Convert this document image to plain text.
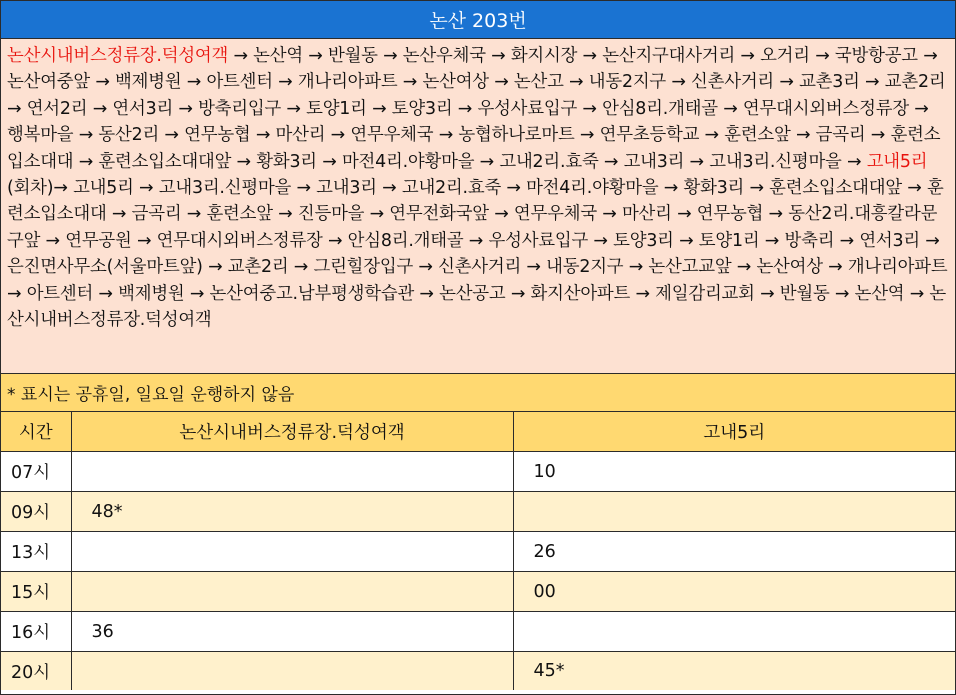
논산 203번
논산시내버스정류장.덕성여객 → 논산역 → 반월동 → 논산우체국 → 화지시장 → 논산지구대사거리 → 오거리 → 국방항공고 → 논산여중앞 → 백제병원 → 아트센터 → 개나리아파트 → 논산여상 → 논산고 → 내동2지구 → 신촌사거리 → 교촌3리 → 교촌2리 → 연서2리 → 연서3리 → 방축리입구 → 토양1리 → 토양3리 → 우성사료입구 → 안심8리.개태골 → 연무대시외버스정류장 → 행복마을 → 동산2리 → 연무농협 → 마산리 → 연무우체국 → 농협하나로마트 → 연무초등학교 → 훈련소앞 → 금곡리 → 훈련소입소대대 → 훈련소입소대대앞 → 황화3리 → 마전4리.야황마을 → 고내2리.효죽 → 고내3리 → 고내3리.신평마을 → 고내5리(회차)→ 고내5리 → 고내3리.신평마을 → 고내3리 → 고내2리.효죽 → 마전4리.야황마을 → 황화3리 → 훈련소입소대대앞 → 훈련소입소대대 → 금곡리 → 훈련소앞 → 진등마을 → 연무전화국앞 → 연무우체국 → 마산리 → 연무농협 → 동산2리.대흥칼라문구앞 → 연무공원 → 연무대시외버스정류장 → 안심8리.개태골 → 우성사료입구 → 토양3리 → 토양1리 → 방축리 → 연서3리 → 은진면사무소(서울마트앞) → 교촌2리 → 그린힐장입구 → 신촌사거리 → 내동2지구 → 논산고교앞 → 논산여상 → 개나리아파트 → 아트센터 → 백제병원 → 논산여중고.남부평생학습관 → 논산공고 → 화지산아파트 → 제일감리교회 → 반월동 → 논산역 → 논산시내버스정류장.덕성여객
* 표시는 공휴일, 일요일 운행하지 않음
시간	논산시내버스정류장.덕성여객	고내5리
07시		10
09시	48*	
13시		26
15시		00
16시	36	
20시		45*
